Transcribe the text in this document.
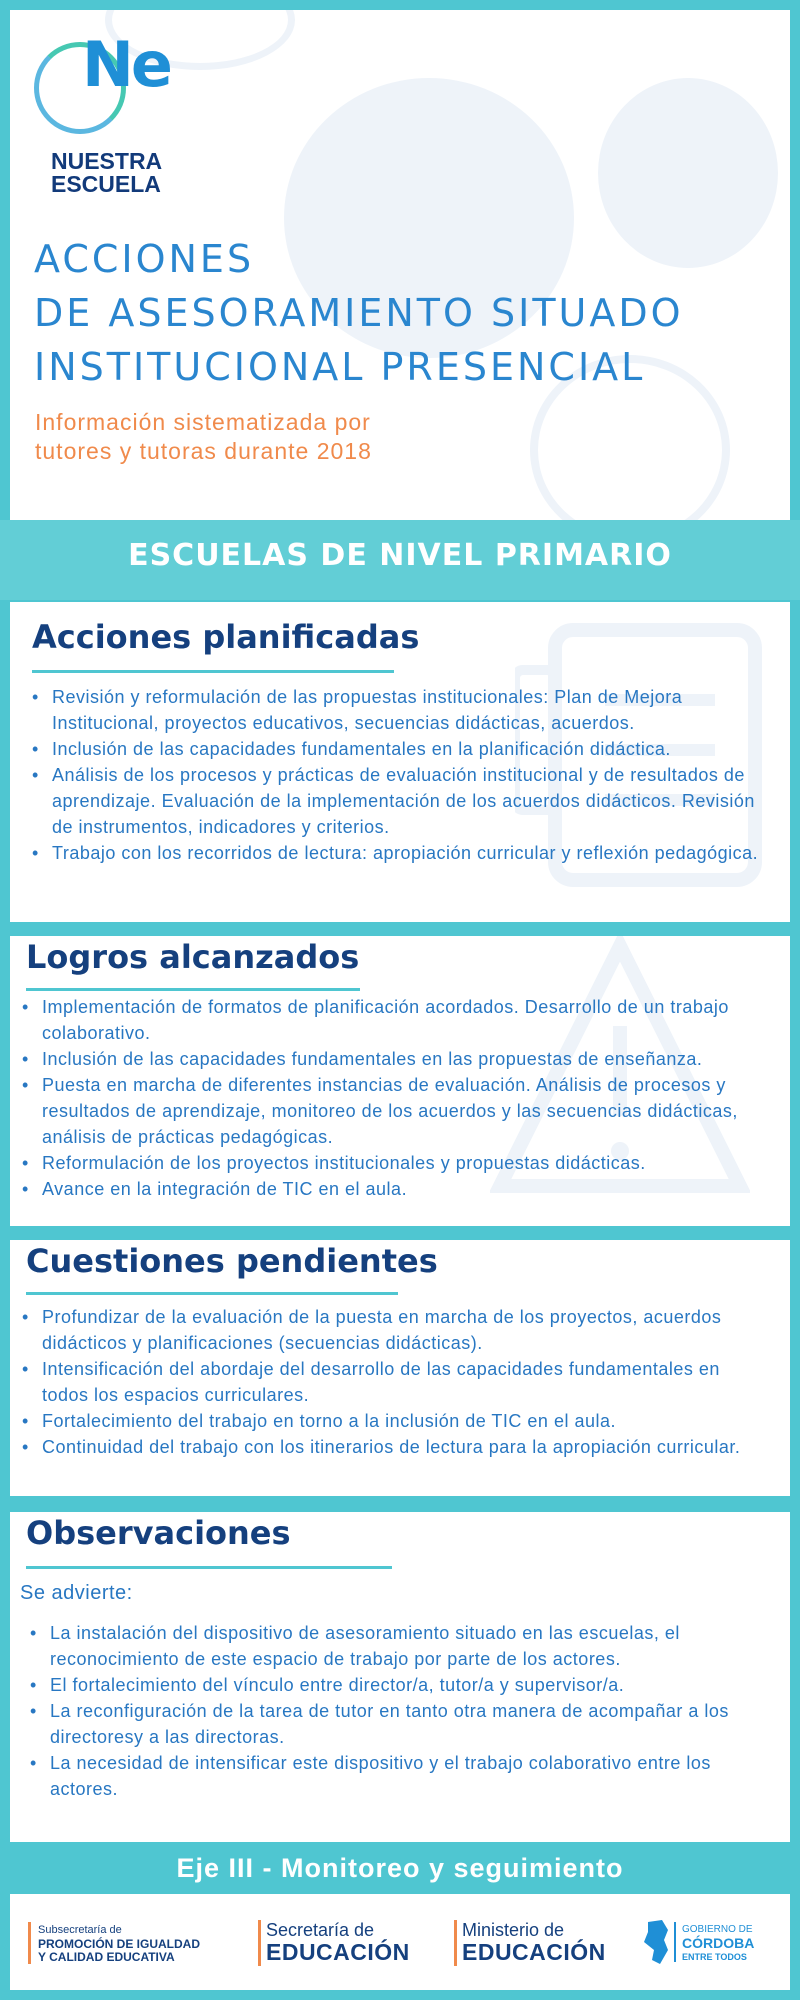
Ne
NUESTRA
ESCUELA
ACCIONES
DE ASESORAMIENTO SITUADO
INSTITUCIONAL PRESENCIAL
Información sistematizada por
tutores y tutoras durante 2018
ESCUELAS DE NIVEL PRIMARIO
Acciones planificadas
• Revisión y reformulación de las propuestas institucionales: Plan de Mejora Institucional, proyectos educativos, secuencias didácticas, acuerdos.
• Inclusión de las capacidades fundamentales en la planificación didáctica.
• Análisis de los procesos y prácticas de evaluación institucional y de resultados de aprendizaje. Evaluación de la implementación de los acuerdos didácticos. Revisión de instrumentos, indicadores y criterios.
• Trabajo con los recorridos de lectura: apropiación curricular y reflexión pedagógica.
Logros alcanzados
• Implementación de formatos de planificación acordados. Desarrollo de un trabajo colaborativo.
• Inclusión de las capacidades fundamentales en las propuestas de enseñanza.
• Puesta en marcha de diferentes instancias de evaluación. Análisis de procesos y resultados de aprendizaje, monitoreo de los acuerdos y las secuencias didácticas, análisis de prácticas pedagógicas.
• Reformulación de los proyectos institucionales y propuestas didácticas.
• Avance en la integración de TIC en el aula.
Cuestiones pendientes
• Profundizar de la evaluación de la puesta en marcha de los proyectos, acuerdos didácticos y planificaciones (secuencias didácticas).
• Intensificación del abordaje del desarrollo de las capacidades fundamentales en todos los espacios curriculares.
• Fortalecimiento del trabajo en torno a la inclusión de TIC en el aula.
• Continuidad del trabajo con los itinerarios de lectura para la apropiación curricular.
Observaciones
Se advierte:
• La instalación del dispositivo de asesoramiento situado en las escuelas, el reconocimiento de este espacio de trabajo por parte de los actores.
• El fortalecimiento del vínculo entre director/a, tutor/a y supervisor/a.
• La reconfiguración de la tarea de tutor en tanto otra manera de acompañar a los directoresy a las directoras.
• La necesidad de intensificar este dispositivo y el trabajo colaborativo entre los actores.
Eje III - Monitoreo y seguimiento
Subsecretaría de
PROMOCIÓN DE IGUALDAD
Y CALIDAD EDUCATIVA
Secretaría de
EDUCACIÓN
Ministerio de
EDUCACIÓN
GOBIERNO DE
CÓRDOBA
ENTRE TODOS
